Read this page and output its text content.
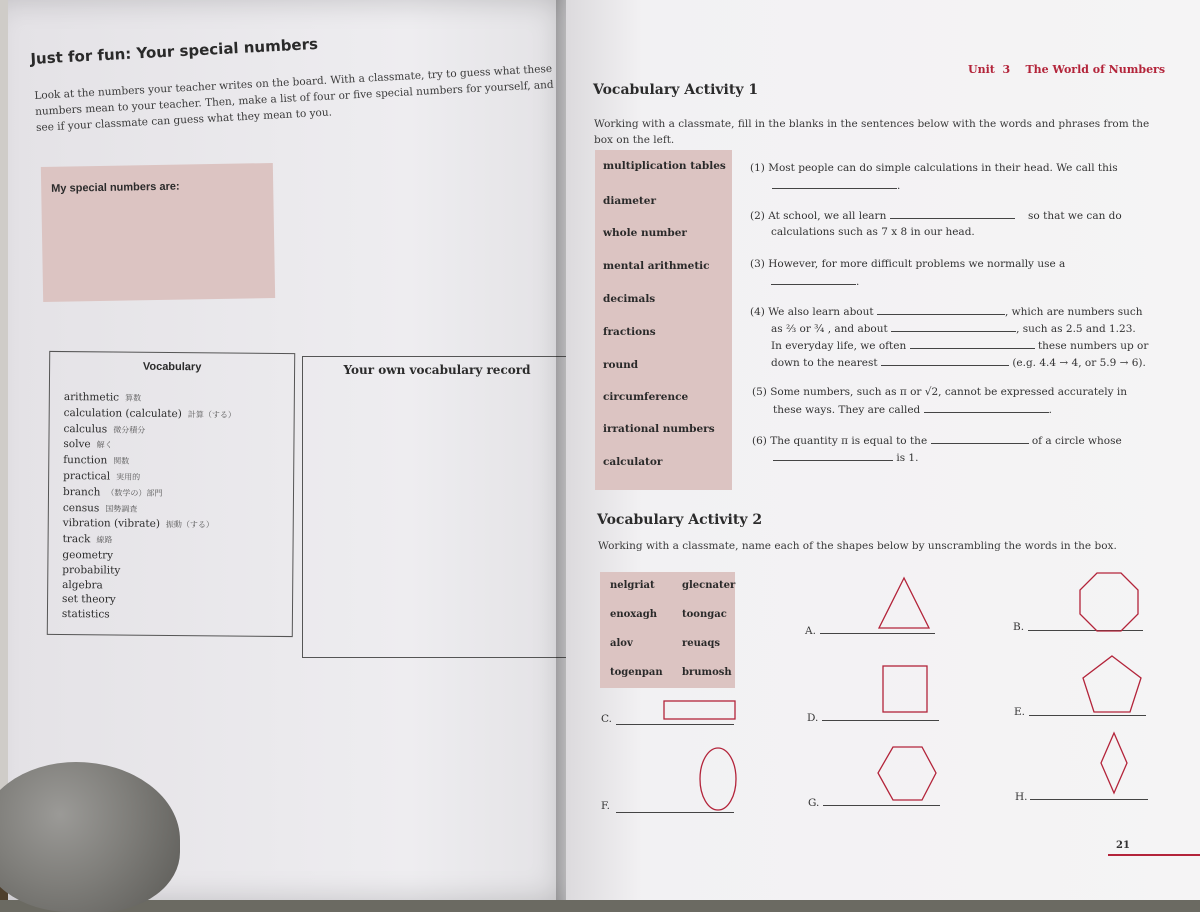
Just for fun: Your special numbers
Look at the numbers your teacher writes on the board. With a classmate, try to guess what these numbers mean to your teacher. Then, make a list of four or five special numbers for yourself, and see if your classmate can guess what they mean to you.
My special numbers are:
Vocabulary
arithmetic 算数
calculation (calculate) 計算（する）
calculus 微分積分
solve 解く
function 関数
practical 実用的
branch （数学の）部門
census 国勢調査
vibration (vibrate) 振動（する）
track 線路
geometry
probability
algebra
set theory
statistics
Your own vocabulary record
Unit  3    The World of Numbers
Vocabulary Activity 1
Working with a classmate, fill in the blanks in the sentences below with the words and phrases from the box on the left.
multiplication tables
diameter
whole number
mental arithmetic
decimals
fractions
round
circumference
irrational numbers
calculator
(1) Most people can do simple calculations in their head. We call this
.
(2) At school, we all learn	so that we can do
calculations such as 7 x 8 in our head.
(3) However, for more difficult problems we normally use a
.
(4) We also learn about	, which are numbers such
as ⅔ or ¾ , and about	, such as 2.5 and 1.23.
In everyday life, we often	these numbers up or
down to the nearest	(e.g. 4.4 → 4, or 5.9 → 6).
(5) Some numbers, such as π or √2, cannot be expressed accurately in
these ways. They are called	.
(6) The quantity π is equal to the	of a circle whose
is 1.
Vocabulary Activity 2
Working with a classmate, name each of the shapes below by unscrambling the words in the box.
nelgriat	glecnater
enoxagh toongac
alov	reuaqs
togenpan brumosh
A.	B.
C.	D.	E.
F.	G.	H.
21
